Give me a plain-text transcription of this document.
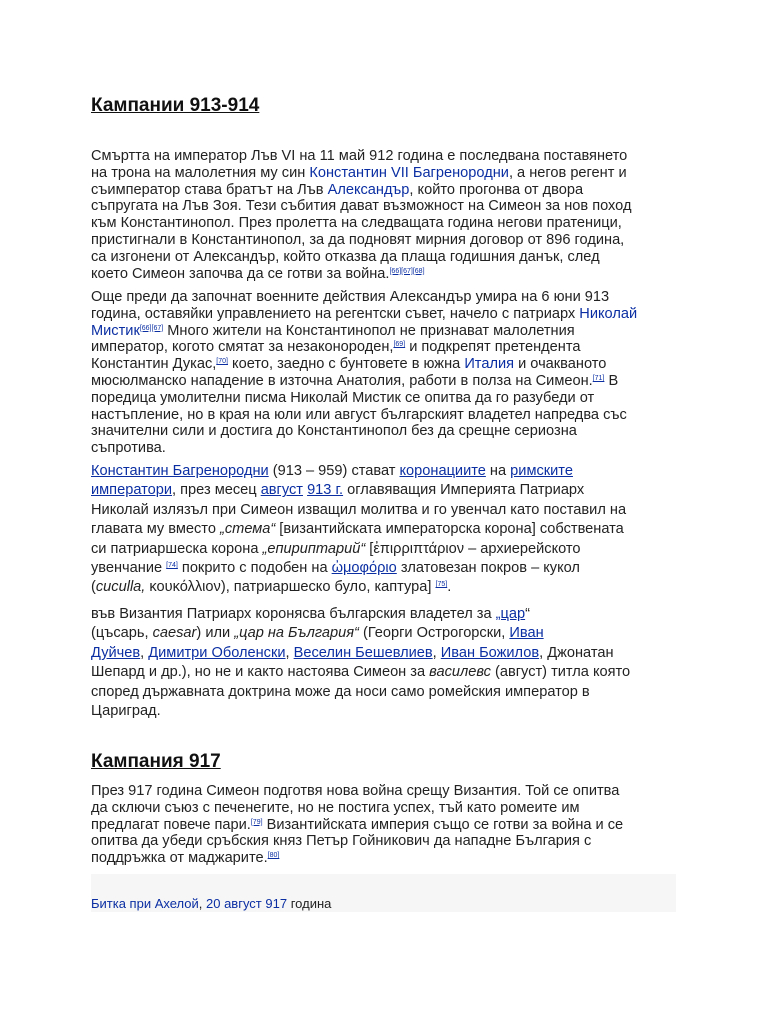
Кампании 913-914
Смъртта на император Лъв VI на 11 май 912 година е последвана поставянето
на трона на малолетния му син Константин VII Багренородни, а негов регент и
съимператор става братът на Лъв Александър, който прогонва от двора
съпругата на Лъв Зоя. Тези събития дават възможност на Симеон за нов поход
към Константинопол. През пролетта на следващата година негови пратеници,
пристигнали в Константинопол, за да подновят мирния договор от 896 година,
са изгонени от Александър, който отказва да плаща годишния данък, след
което Симеон започва да се готви за война.[66][67][68]
Още преди да започнат военните действия Александър умира на 6 юни 913
година, оставяйки управлението на регентски съвет, начело с патриарх Николай
Мистик[66][67] Много жители на Константинопол не признават малолетния
император, когото смятат за незаконороден,[69] и подкрепят претендента
Константин Дукас,[70] което, заедно с бунтовете в южна Италия и очакваното
мюсюлманско нападение в източна Анатолия, работи в полза на Симеон.[71] В
поредица умолителни писма Николай Мистик се опитва да го разубеди от
настъпление, но в края на юли или август българският владетел напредва със
значителни сили и достига до Константинопол без да срещне сериозна
съпротива.
Константин Багренородни (913 – 959) стават коронациите на римските
императори, през месец август 913 г. оглавяващия Империята Патриарх
Николай излязъл при Симеон изващил молитва и го увенчал като поставил на
главата му вместо „стема“ [византийската императорска корона] собствената
си патриаршеска корона „епириптарий“ [ἐπιρριπτάριον – архиерейското
увенчание [74] покрито с подобен на ὠμοφόριο златовезан покров – кукол
(cucullа, κουκόλλιον), патриаршеско було, каптура] [75].
във Византия Патриарх коронясва българския владетел за „цар“
(цъсарь, caesar) или „цар на България“ (Георги Острогорски, Иван
Дуйчев, Димитри Оболенски, Веселин Бешевлиев, Иван Божилов, Джонатан
Шепард и др.), но не и както настоява Симеон за василевс (август) титла която
според държавната доктрина може да носи само ромейския император в
Цариград.
Кампания 917
През 917 година Симеон подготвя нова война срещу Византия. Той се опитва
да сключи съюз с печенегите, но не постига успех, тъй като ромеите им
предлагат повече пари.[79] Византийската империя също се готви за война и се
опитва да убеди сръбския княз Петър Гойникович да нападне България с
поддръжка от маджарите.[80]
Битка при Ахелой, 20 август 917 година
